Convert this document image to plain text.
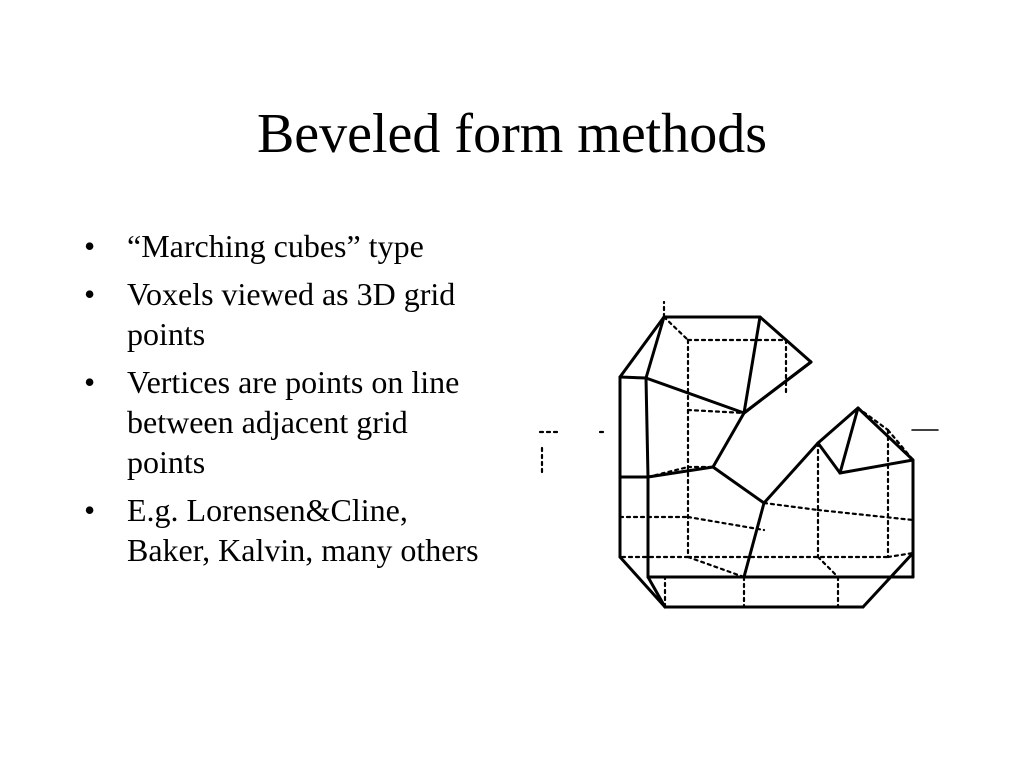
Beveled form methods
• “Marching cubes” type
• Voxels viewed as 3D grid points
• Vertices are points on line between adjacent grid points
• E.g. Lorensen&Cline, Baker, Kalvin, many others
